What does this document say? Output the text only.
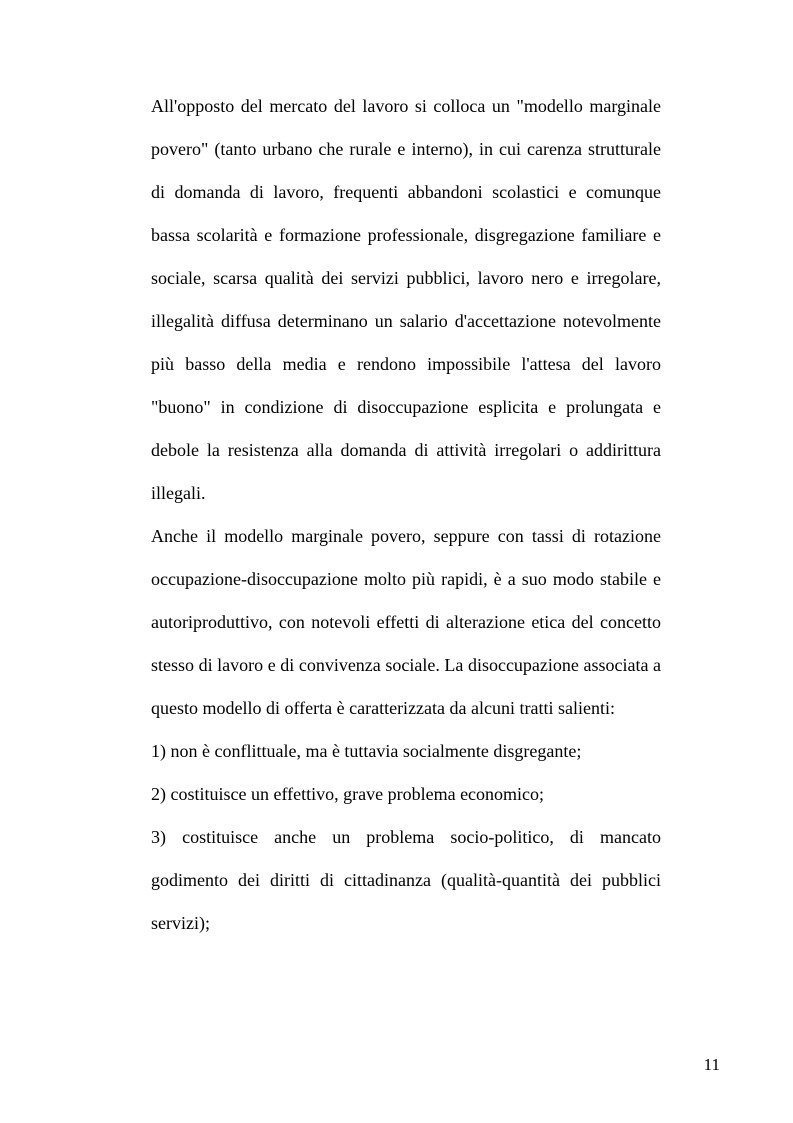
All'opposto del mercato del lavoro si colloca un "modello marginale povero" (tanto urbano che rurale e interno), in cui carenza strutturale di domanda di lavoro, frequenti abbandoni scolastici e comunque bassa scolarità e formazione professionale, disgregazione familiare e sociale, scarsa qualità dei servizi pubblici, lavoro nero e irregolare, illegalità diffusa determinano un salario d'accettazione notevolmente più basso della media e rendono impossibile l'attesa del lavoro "buono" in condizione di disoccupazione esplicita e prolungata e debole la resistenza alla domanda di attività irregolari o addirittura illegali.

Anche il modello marginale povero, seppure con tassi di rotazione occupazione-disoccupazione molto più rapidi, è a suo modo stabile e autoriproduttivo, con notevoli effetti di alterazione etica del concetto stesso di lavoro e di convivenza sociale. La disoccupazione associata a questo modello di offerta è caratterizzata da alcuni tratti salienti:

1) non è conflittuale, ma è tuttavia socialmente disgregante;

2) costituisce un effettivo, grave problema economico;

3) costituisce anche un problema socio-politico, di mancato godimento dei diritti di cittadinanza (qualità-quantità dei pubblici servizi);

11
